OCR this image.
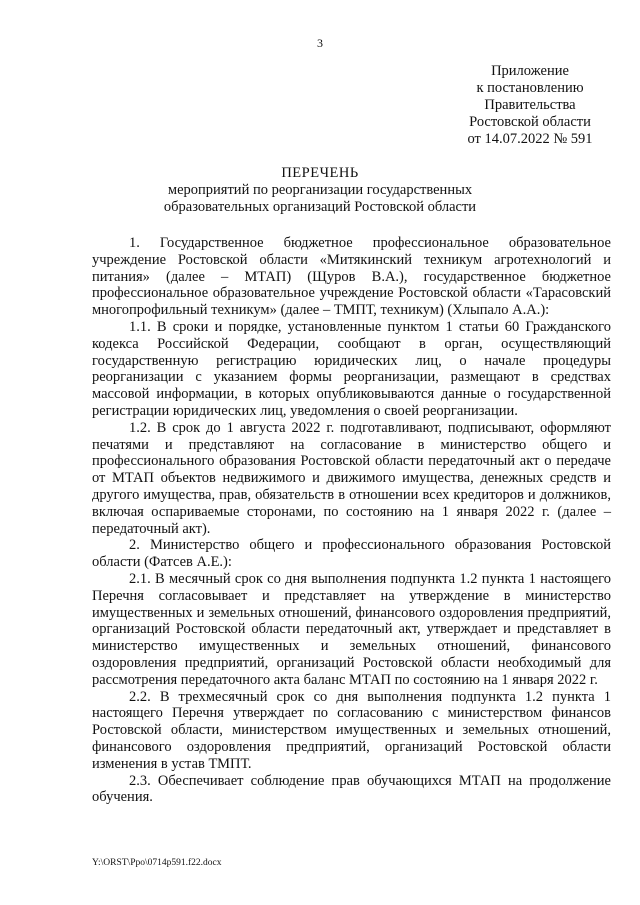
3
Приложение
к постановлению
Правительства
Ростовской области
от 14.07.2022 № 591
ПЕРЕЧЕНЬ
мероприятий по реорганизации государственных
образовательных организаций Ростовской области

1. Государственное бюджетное профессиональное образовательное учреждение Ростовской области «Митякинский техникум агротехнологий и питания» (далее – МТАП) (Щуров В.А.), государственное бюджетное профессиональное образовательное учреждение Ростовской области «Тарасовский многопрофильный техникум» (далее – ТМПТ, техникум) (Хлыпало А.А.):

1.1. В сроки и порядке, установленные пунктом 1 статьи 60 Гражданского кодекса Российской Федерации, сообщают в орган, осуществляющий государственную регистрацию юридических лиц, о начале процедуры реорганизации с указанием формы реорганизации, размещают в средствах массовой информации, в которых опубликовываются данные о государственной регистрации юридических лиц, уведомления о своей реорганизации.

1.2. В срок до 1 августа 2022 г. подготавливают, подписывают, оформляют печатями и представляют на согласование в министерство общего и профессионального образования Ростовской области передаточный акт о передаче от МТАП объектов недвижимого и движимого имущества, денежных средств и другого имущества, прав, обязательств в отношении всех кредиторов и должников, включая оспариваемые сторонами, по состоянию на 1 января 2022 г. (далее – передаточный акт).

2. Министерство общего и профессионального образования Ростовской области (Фатсев А.Е.):

2.1. В месячный срок со дня выполнения подпункта 1.2 пункта 1 настоящего Перечня согласовывает и представляет на утверждение в министерство имущественных и земельных отношений, финансового оздоровления предприятий, организаций Ростовской области передаточный акт, утверждает и представляет в министерство имущественных и земельных отношений, финансового оздоровления предприятий, организаций Ростовской области необходимый для рассмотрения передаточного акта баланс МТАП по состоянию на 1 января 2022 г.

2.2. В трехмесячный срок со дня выполнения подпункта 1.2 пункта 1 настоящего Перечня утверждает по согласованию с министерством финансов Ростовской области, министерством имущественных и земельных отношений, финансового оздоровления предприятий, организаций Ростовской области изменения в устав ТМПТ.

2.3. Обеспечивает соблюдение прав обучающихся МТАП на продолжение обучения.

Y:\ORST\Ppo\0714p591.f22.docx
